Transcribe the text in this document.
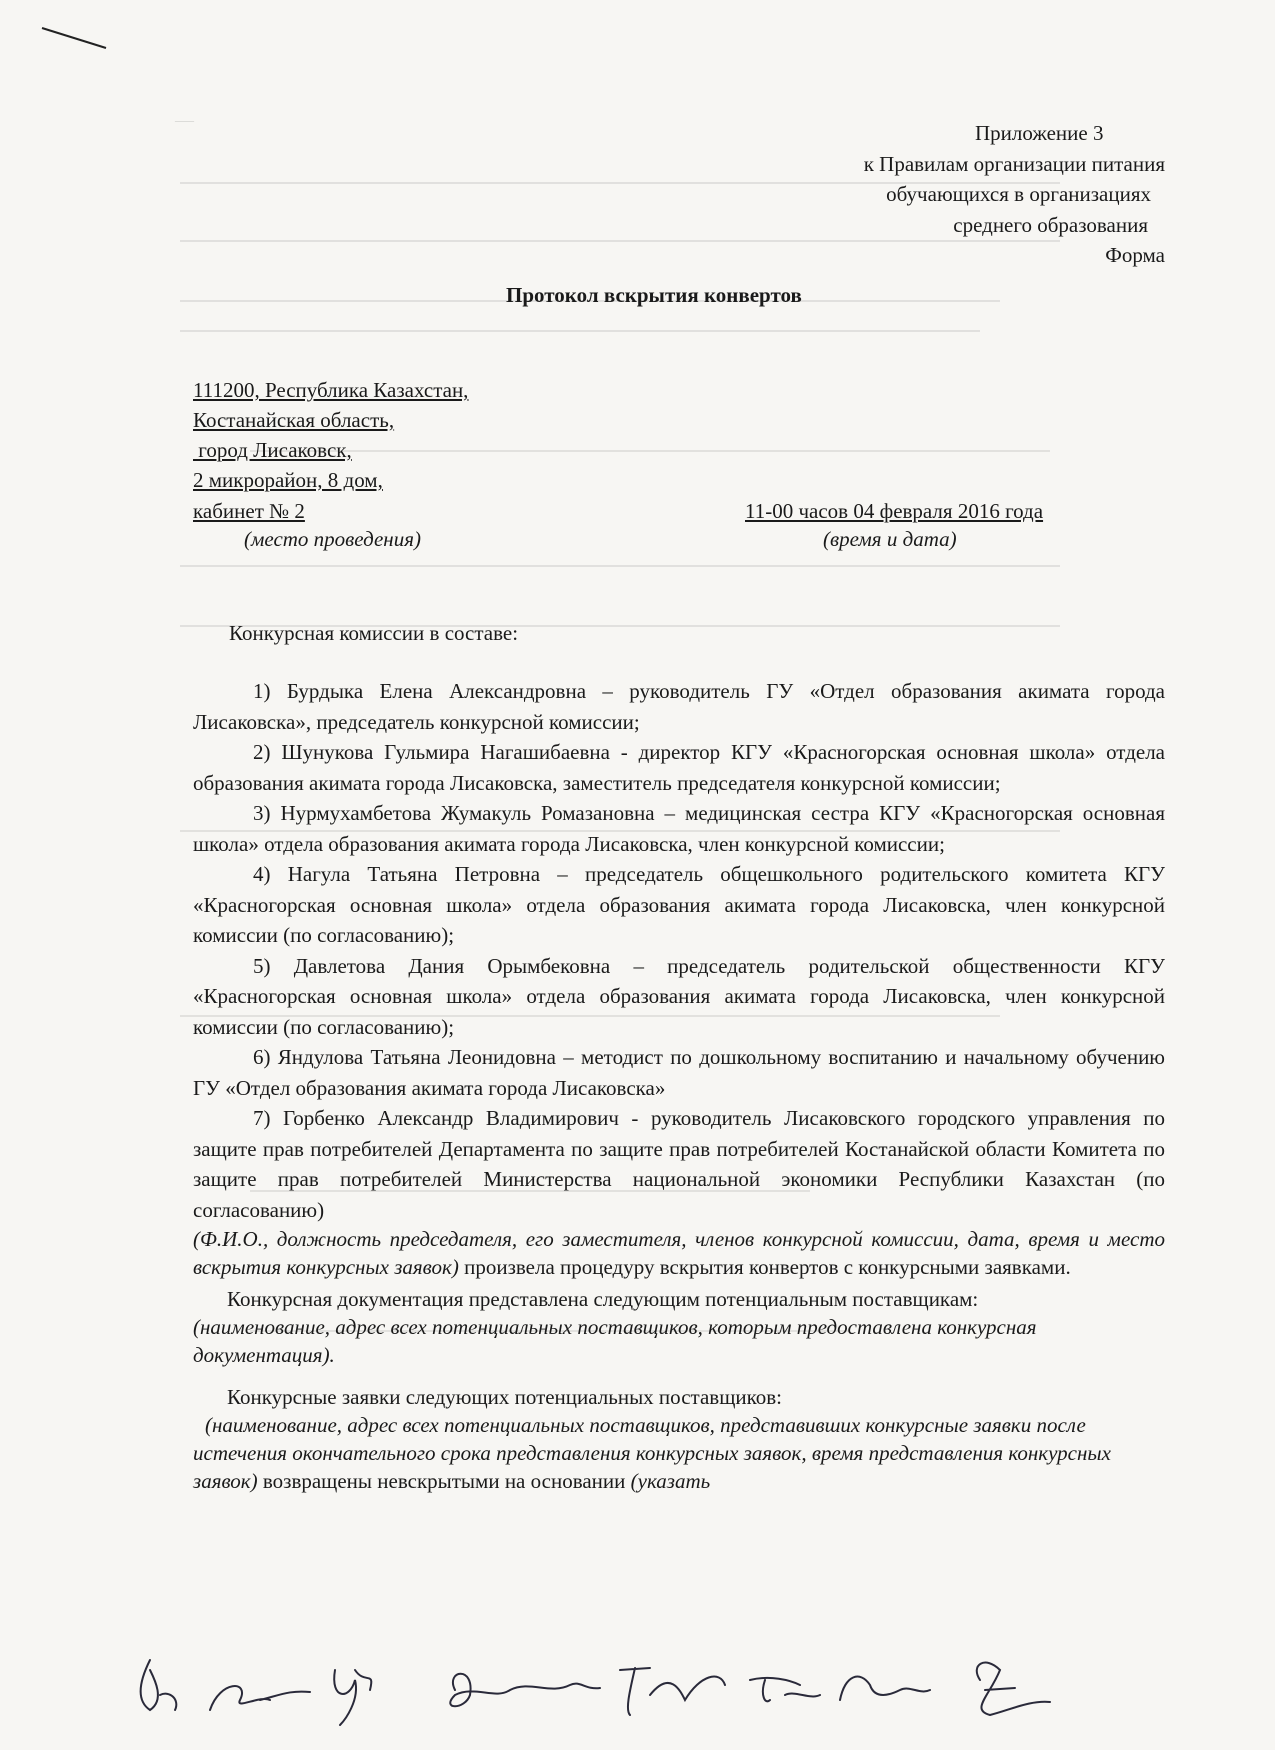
—
Приложение 3
к Правилам организации питания
обучающихся в организациях
среднего образования
Форма
Протокол вскрытия конвертов
111200, Республика Казахстан,
Костанайская область,
город Лисаковск,
2 микрорайон, 8 дом,
кабинет № 2
(место проведения)
11-00 часов 04 февраля 2016 года
(время и дата)
Конкурсная комиссии в составе:

1) Бурдыка Елена Александровна – руководитель ГУ «Отдел образования акимата города Лисаковска», председатель конкурсной комиссии;

2) Шунукова Гульмира Нагашибаевна - директор КГУ «Красногорская основная школа» отдела образования акимата города Лисаковска, заместитель председателя конкурсной комиссии;

3) Нурмухамбетова Жумакуль Ромазановна – медицинская сестра КГУ «Красногорская основная школа» отдела образования акимата города Лисаковска, член конкурсной комиссии;

4) Нагула Татьяна Петровна – председатель общешкольного родительского комитета КГУ «Красногорская основная школа» отдела образования акимата города Лисаковска, член конкурсной комиссии (по согласованию);

5) Давлетова Дания Орымбековна – председатель родительской общественности КГУ «Красногорская основная школа» отдела образования акимата города Лисаковска, член конкурсной комиссии (по согласованию);

6) Яндулова Татьяна Леонидовна – методист по дошкольному воспитанию и начальному обучению ГУ «Отдел образования акимата города Лисаковска»

7) Горбенко Александр Владимирович - руководитель Лисаковского городского управления по защите прав потребителей Департамента по защите прав потребителей Костанайской области Комитета по защите прав потребителей Министерства национальной экономики Республики Казахстан (по согласованию)

(Ф.И.О., должность председателя, его заместителя, членов конкурсной комиссии, дата, время и место вскрытия конкурсных заявок) произвела процедуру вскрытия конвертов с конкурсными заявками.

Конкурсная документация представлена следующим потенциальным поставщикам:

(наименование, адрес всех потенциальных поставщиков, которым предоставлена конкурсная документация).

Конкурсные заявки следующих потенциальных поставщиков:

(наименование, адрес всех потенциальных поставщиков, представивших конкурсные заявки после истечения окончательного срока представления конкурсных заявок, время представления конкурсных заявок) возвращены невскрытыми на основании (указать
